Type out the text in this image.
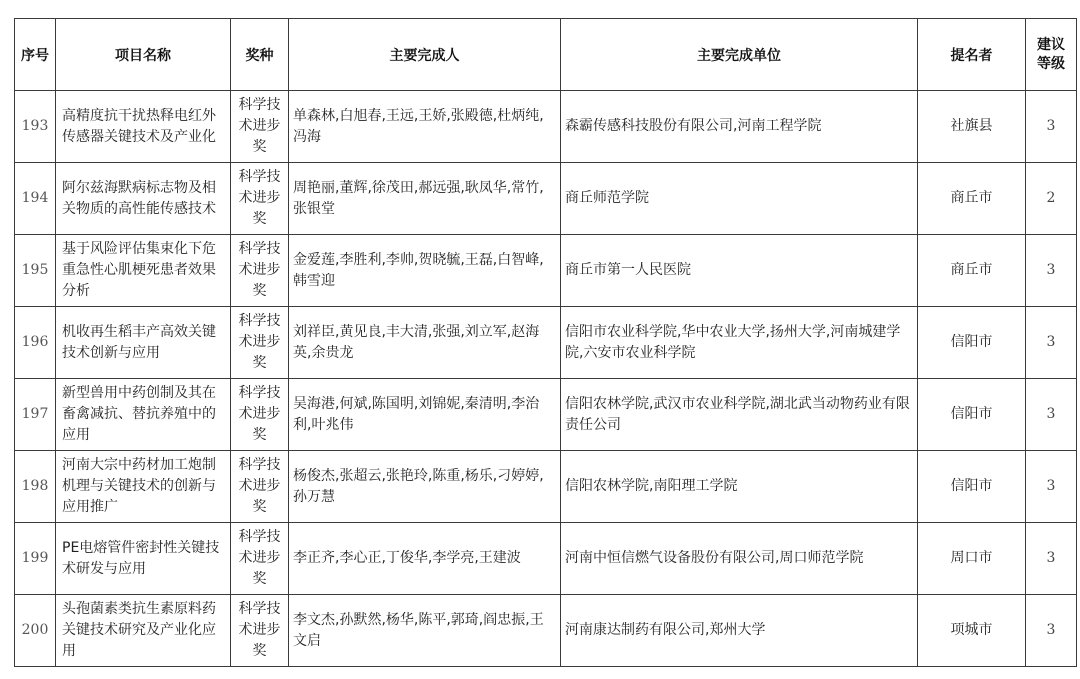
序号	项目名称	奖种	主要完成人	主要完成单位	提名者	建议等级
193	高精度抗干扰热释电红外传感器关键技术及产业化	科学技术进步奖	单森林,白旭春,王远,王娇,张殿德,杜炳纯,冯海	森霸传感科技股份有限公司,河南工程学院	社旗县	3
194	阿尔兹海默病标志物及相关物质的高性能传感技术	科学技术进步奖	周艳丽,董辉,徐茂田,郝远强,耿凤华,常竹,张银堂	商丘师范学院	商丘市	2
195	基于风险评估集束化下危重急性心肌梗死患者效果分析	科学技术进步奖	金爱莲,李胜利,李帅,贺晓毓,王磊,白智峰,韩雪迎	商丘市第一人民医院	商丘市	3
196	机收再生稻丰产高效关键技术创新与应用	科学技术进步奖	刘祥臣,黄见良,丰大清,张强,刘立军,赵海英,余贵龙	信阳市农业科学院,华中农业大学,扬州大学,河南城建学院,六安市农业科学院	信阳市	3
197	新型兽用中药创制及其在畜禽减抗、替抗养殖中的应用	科学技术进步奖	吴海港,何斌,陈国明,刘锦妮,秦清明,李治利,叶兆伟	信阳农林学院,武汉市农业科学院,湖北武当动物药业有限责任公司	信阳市	3
198	河南大宗中药材加工炮制机理与关键技术的创新与应用推广	科学技术进步奖	杨俊杰,张超云,张艳玲,陈重,杨乐,刁婷婷,孙万慧	信阳农林学院,南阳理工学院	信阳市	3
199	PE电熔管件密封性关键技术研发与应用	科学技术进步奖	李正齐,李心正,丁俊华,李学亮,王建波	河南中恒信燃气设备股份有限公司,周口师范学院	周口市	3
200	头孢菌素类抗生素原料药关键技术研究及产业化应用	科学技术进步奖	李文杰,孙默然,杨华,陈平,郭琦,阎忠振,王文启	河南康达制药有限公司,郑州大学	项城市	3
